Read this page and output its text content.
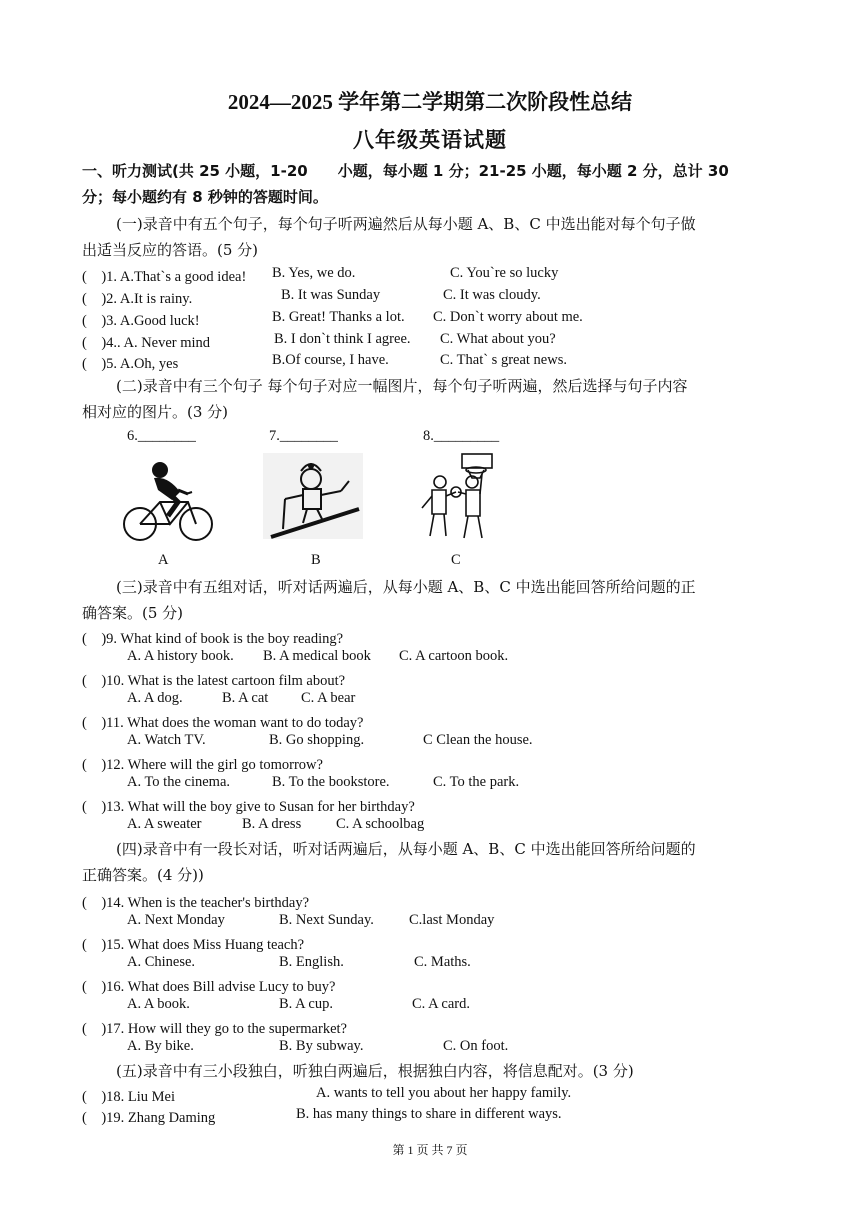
2024—2025 学年第二学期第二次阶段性总结
八年级英语试题
一、听力测试(共 25 小题，1-20　　小题，每小题 1 分；21-25 小题，每小题 2 分，总计 30
分；每小题约有 8 秒钟的答题时间。
(一)录音中有五个句子，每个句子听两遍然后从每小题 A、B、C 中选出能对每个句子做
出适当反应的答语。(5 分)
(　)1. A.That`s a good idea! B. Yes, we do.	C. You`re so lucky
(　)2. A.It is rainy.	B. It was Sunday	C. It was cloudy.
(　)3. A.Good luck!	B. Great! Thanks a lot. C. Don`t worry about me.
(　)4.. A. Never mind	B. I don`t think I agree. C. What about you?
(　)5. A.Oh, yes	B.Of course, I have.	C. That` s great news.
(二)录音中有三个句子 每个句子对应一幅图片，每个句子听两遍，然后选择与句子内容
相对应的图片。(3 分)
6.________	7.________	8._________
A	B	C
(三)录音中有五组对话，听对话两遍后，从每小题 A、B、C 中选出能回答所给问题的正
确答案。(5 分)
(　)9. What kind of book is the boy reading?
A. A history book. B. A medical book C. A cartoon book.
(　)10. What is the latest cartoon film about?
A. A dog.	B. A cat C. A bear
(　)11. What does the woman want to do today?
A. Watch TV.	B. Go shopping.	C Clean the house.
(　)12. Where will the girl go tomorrow?
A. To the cinema.	B. To the bookstore.	C. To the park.
(　)13. What will the boy give to Susan for her birthday?
A. A sweater	B. A dress C. A schoolbag
(四)录音中有一段长对话，听对话两遍后，从每小题 A、B、C 中选出能回答所给问题的
正确答案。(4 分))
(　)14. When is the teacher's birthday?
A. Next Monday	B. Next Sunday. C.last Monday
(　)15. What does Miss Huang teach?
A. Chinese.	B. English.	C. Maths.
(　)16. What does Bill advise Lucy to buy?
A. A book.	B. A cup.	C. A card.
(　)17. How will they go to the supermarket?
A. By bike.	B. By subway.	C. On foot.
(五)录音中有三小段独白，听独白两遍后，根据独白内容，将信息配对。(3 分)
(　)18. Liu Mei	A. wants to tell you about her happy family.
(　)19. Zhang Daming	B. has many things to share in different ways.
第 1 页 共 7 页
